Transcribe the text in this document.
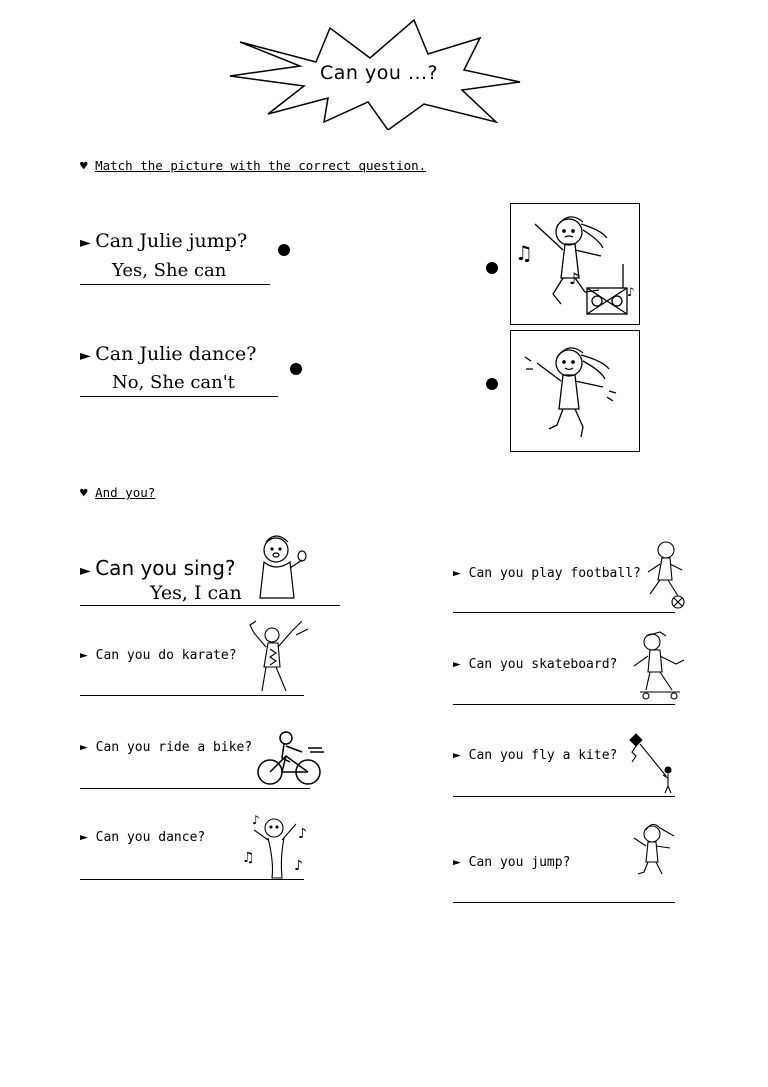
Can you ...?
♥ Match the picture with the correct question.
► Can Julie jump?
Yes, She can
♫
♪
♪
► Can Julie dance?
No, She can't
♥ And you?
► Can you sing?
Yes, I can
► Can you do karate?
► Can you ride a bike?
► Can you dance?
♪
♪
♫	♪
► Can you play football?
► Can you skateboard?
► Can you fly a kite?
► Can you jump?
